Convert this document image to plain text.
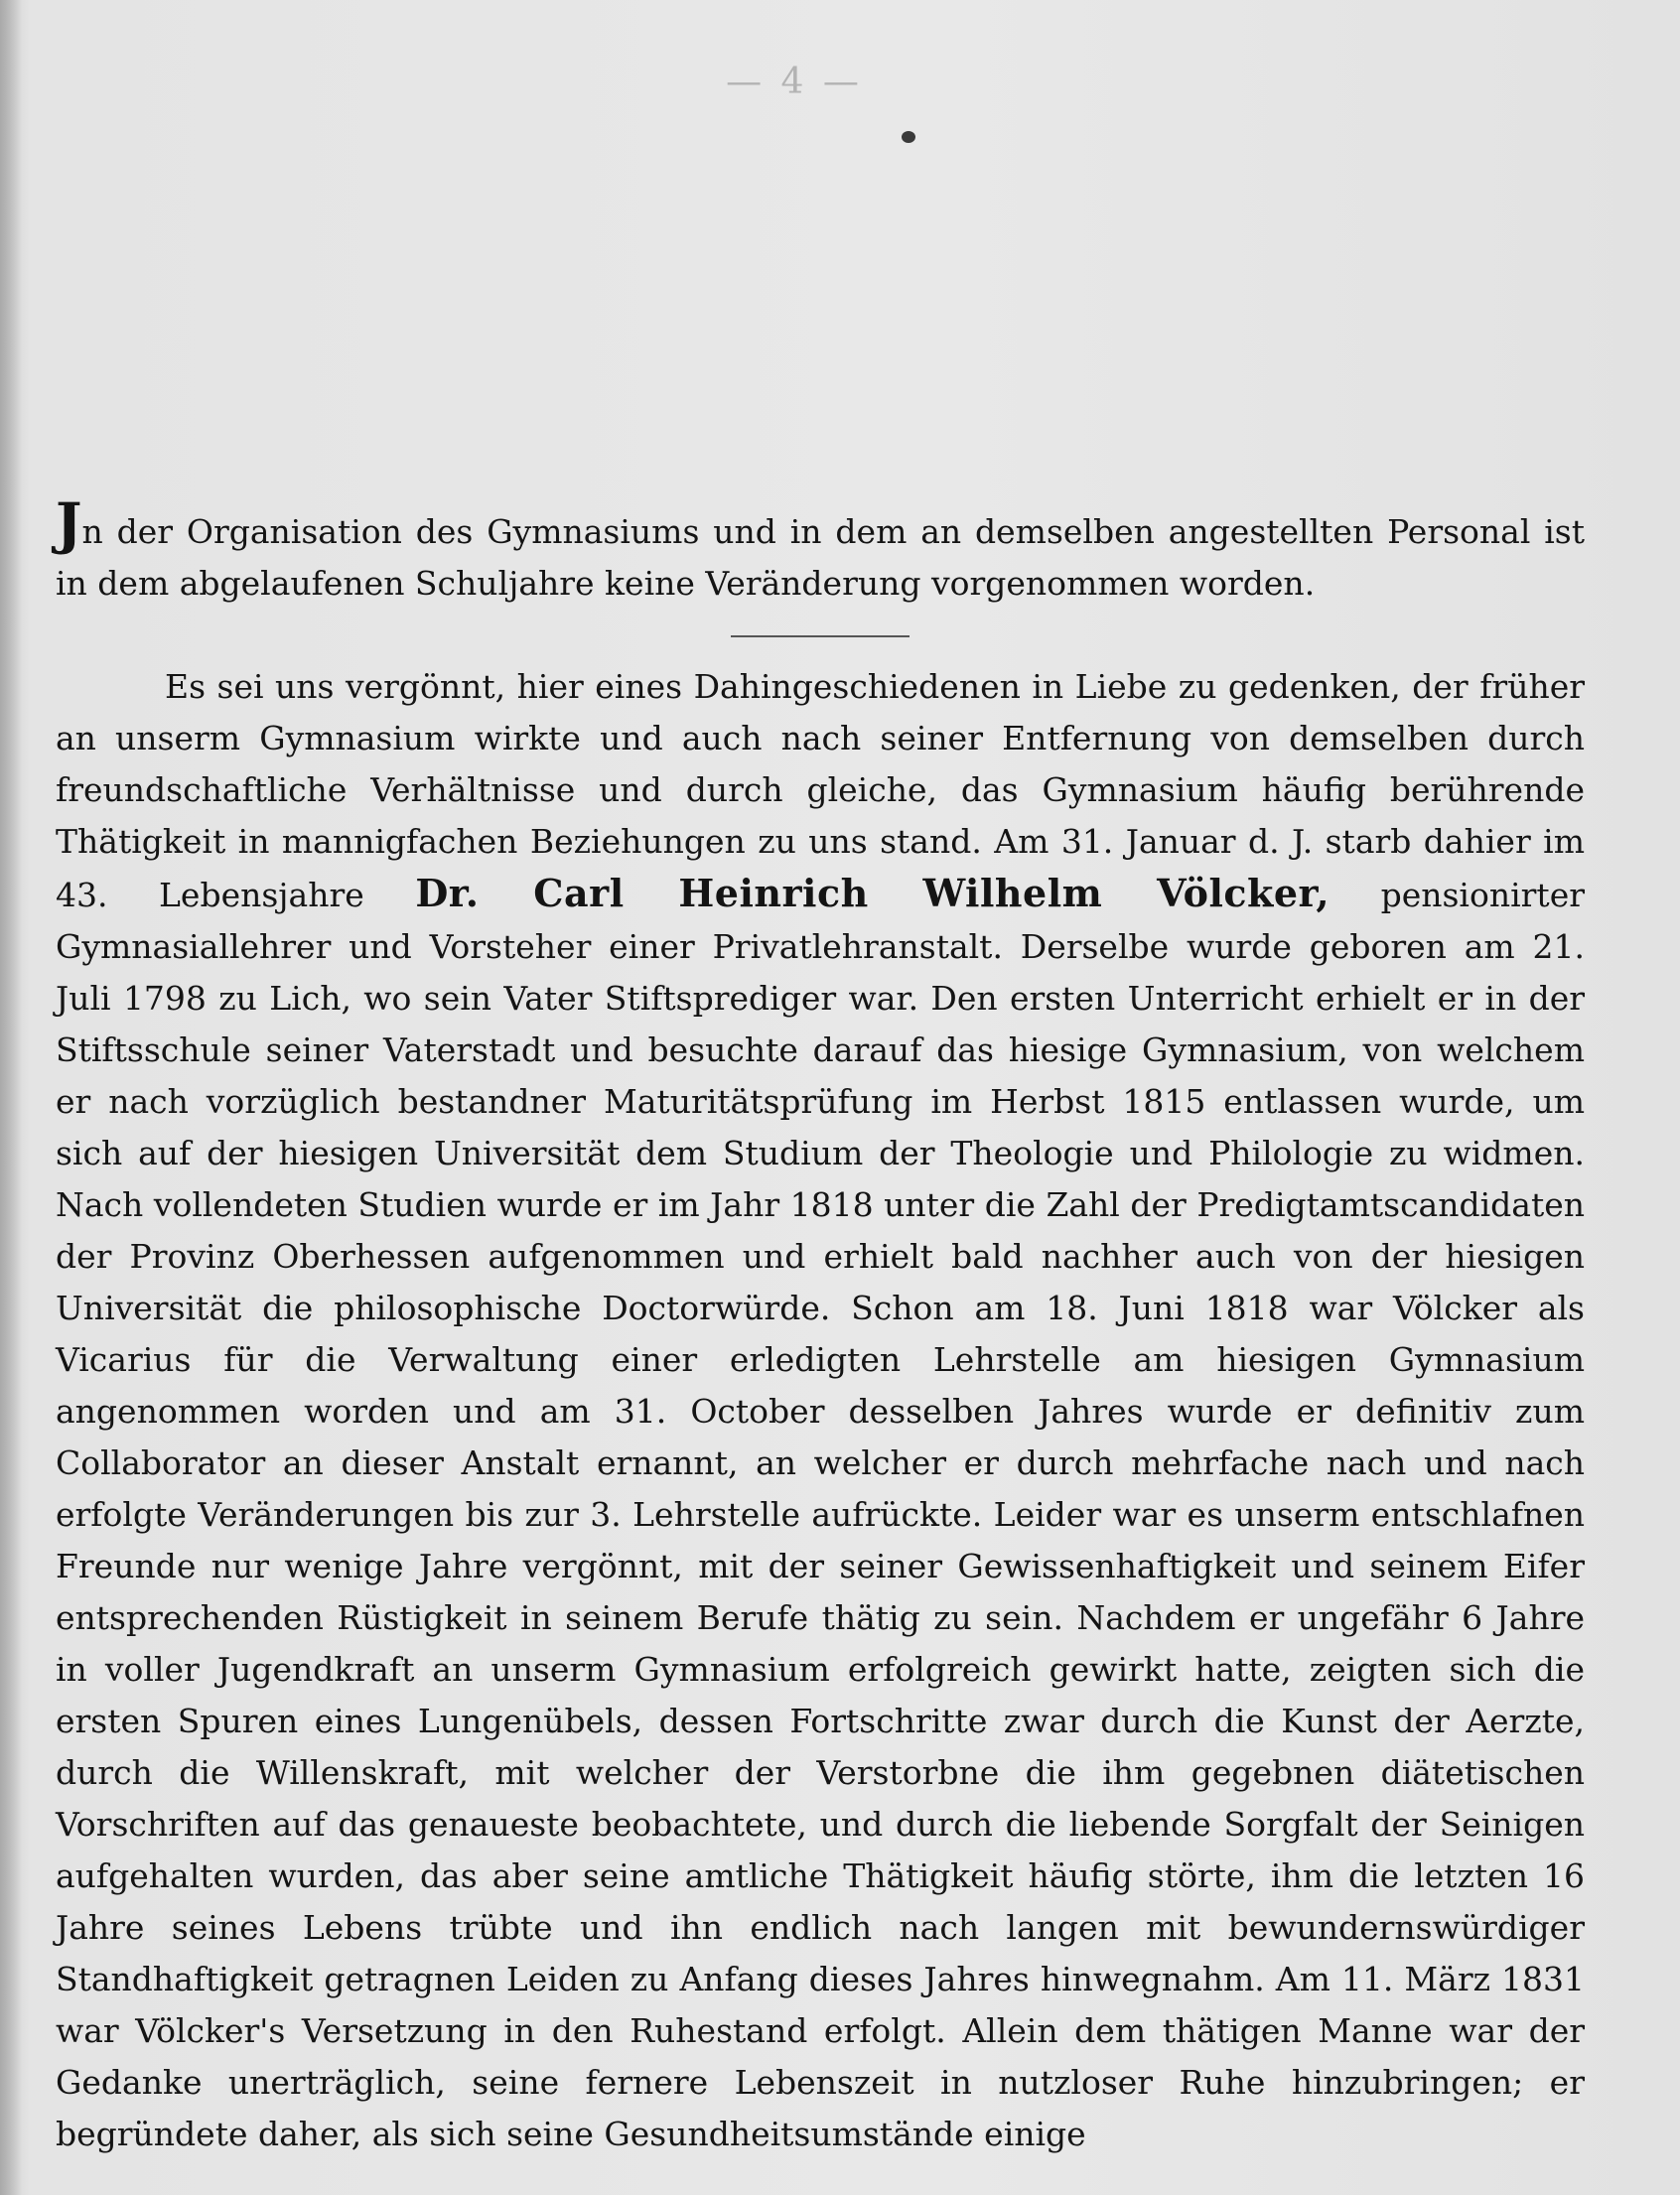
— 4 —

Jn der Organisation des Gymnasiums und in dem an demselben angestellten Personal ist in dem abgelaufenen Schuljahre keine Veränderung vorgenommen worden.

Es sei uns vergönnt, hier eines Dahingeschiedenen in Liebe zu gedenken, der früher an unserm Gymnasium wirkte und auch nach seiner Entfernung von demselben durch freundschaftliche Verhältnisse und durch gleiche, das Gymnasium häufig berührende Thätigkeit in mannigfachen Beziehungen zu uns stand. Am 31. Januar d. J. starb dahier im 43. Lebensjahre Dr. Carl Heinrich Wilhelm Völcker, pensionirter Gymnasiallehrer und Vorsteher einer Privatlehranstalt. Derselbe wurde geboren am 21. Juli 1798 zu Lich, wo sein Vater Stiftsprediger war. Den ersten Unterricht erhielt er in der Stiftsschule seiner Vaterstadt und besuchte darauf das hiesige Gymnasium, von welchem er nach vorzüglich bestandner Maturitätsprüfung im Herbst 1815 entlassen wurde, um sich auf der hiesigen Universität dem Studium der Theologie und Philologie zu widmen. Nach vollendeten Studien wurde er im Jahr 1818 unter die Zahl der Predigtamtscandidaten der Provinz Oberhessen aufgenommen und erhielt bald nachher auch von der hiesigen Universität die philosophische Doctorwürde. Schon am 18. Juni 1818 war Völcker als Vicarius für die Verwaltung einer erledigten Lehrstelle am hiesigen Gymnasium angenommen worden und am 31. October desselben Jahres wurde er definitiv zum Collaborator an dieser Anstalt ernannt, an welcher er durch mehrfache nach und nach erfolgte Veränderungen bis zur 3. Lehrstelle aufrückte. Leider war es unserm entschlafnen Freunde nur wenige Jahre vergönnt, mit der seiner Gewissenhaftigkeit und seinem Eifer entsprechenden Rüstigkeit in seinem Berufe thätig zu sein. Nachdem er ungefähr 6 Jahre in voller Jugendkraft an unserm Gymnasium erfolgreich gewirkt hatte, zeigten sich die ersten Spuren eines Lungenübels, dessen Fortschritte zwar durch die Kunst der Aerzte, durch die Willenskraft, mit welcher der Verstorbne die ihm gegebnen diätetischen Vorschriften auf das genaueste beobachtete, und durch die liebende Sorgfalt der Seinigen aufgehalten wurden, das aber seine amtliche Thätigkeit häufig störte, ihm die letzten 16 Jahre seines Lebens trübte und ihn endlich nach langen mit bewundernswürdiger Standhaftigkeit getragnen Leiden zu Anfang dieses Jahres hinwegnahm. Am 11. März 1831 war Völcker's Versetzung in den Ruhestand erfolgt. Allein dem thätigen Manne war der Gedanke unerträglich, seine fernere Lebenszeit in nutzloser Ruhe hinzubringen; er begründete daher, als sich seine Gesundheitsumstände einige
